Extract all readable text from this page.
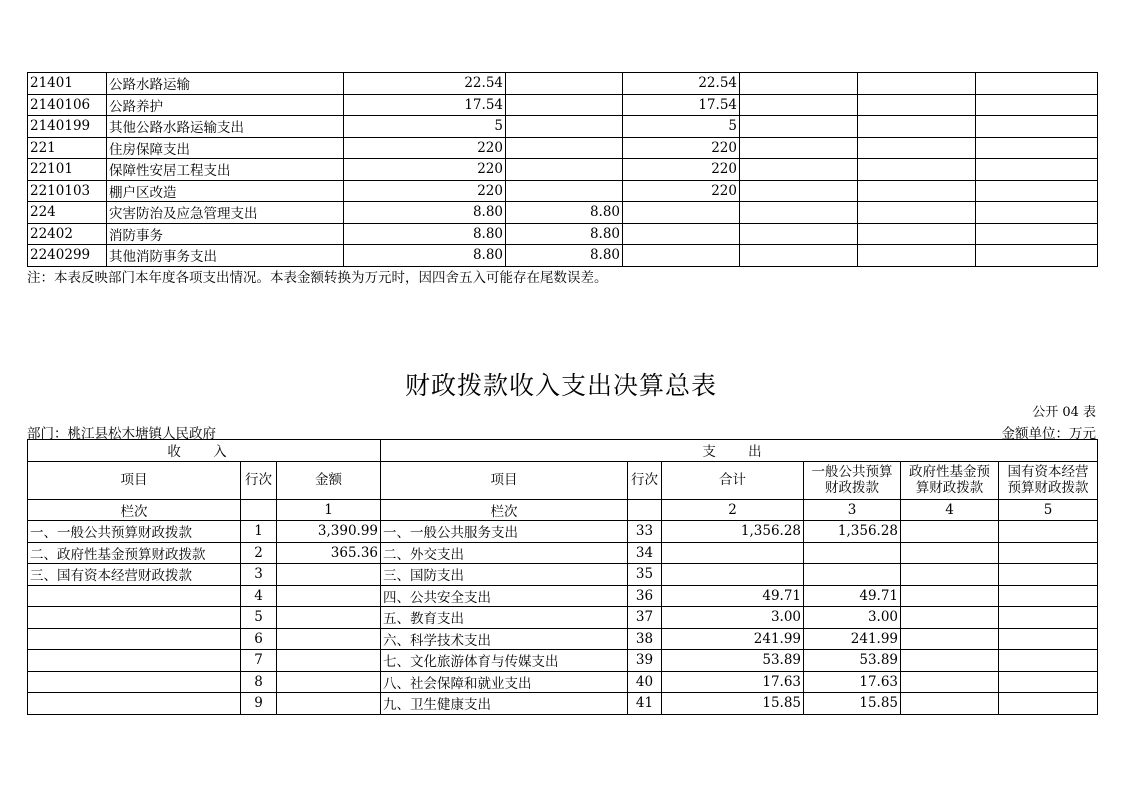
21401	公路水路运输	22.54		22.54			
2140106	公路养护	17.54		17.54			
2140199	其他公路水路运输支出	5		5			
221	住房保障支出	220		220			
22101	保障性安居工程支出	220		220			
2210103	棚户区改造	220		220			
224	灾害防治及应急管理支出	8.80	8.80				
22402	消防事务	8.80	8.80				
2240299	其他消防事务支出	8.80	8.80				
注：本表反映部门本年度各项支出情况。本表金额转换为万元时，因四舍五入可能存在尾数误差。
财政拨款收入支出决算总表
公开 04 表
部门：桃江县松木塘镇人民政府	金额单位：万元
收 入			支 出					
项目	行次	金额	项目	行次	合计	一般公共预算财政拨款	政府性基金预算财政拨款	国有资本经营预算财政拨款
栏次		1	栏次		2	3	4	5
一、一般公共预算财政拨款	1	3,390.99	一、一般公共服务支出	33	1,356.28	1,356.28		
二、政府性基金预算财政拨款	2	365.36	二、外交支出	34				
三、国有资本经营财政拨款	3		三、国防支出	35				
	4		四、公共安全支出	36	49.71	49.71		
	5		五、教育支出	37	3.00	3.00		
	6		六、科学技术支出	38	241.99	241.99		
	7		七、文化旅游体育与传媒支出	39	53.89	53.89		
	8		八、社会保障和就业支出	40	17.63	17.63		
	9		九、卫生健康支出	41	15.85	15.85		
